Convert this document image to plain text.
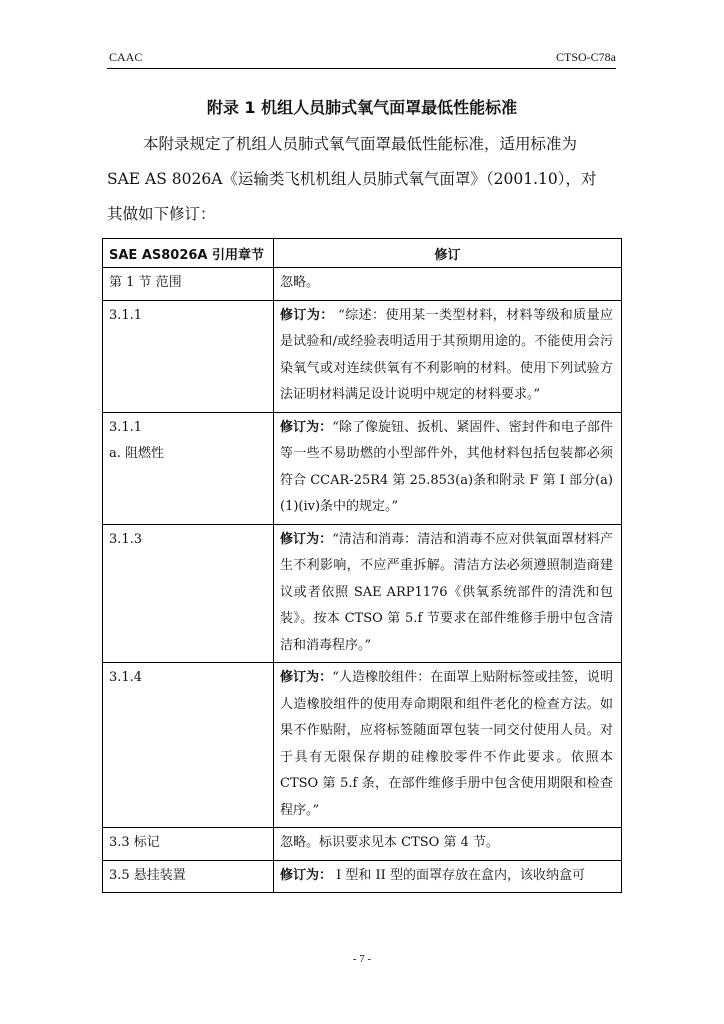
CAAC	CTSO-C78a
附录 1 机组人员肺式氧气面罩最低性能标准

本附录规定了机组人员肺式氧气面罩最低性能标准，适用标准为

SAE AS 8026A《运输类飞机机组人员肺式氧气面罩》（2001.10），对

其做如下修订：

SAE AS8026A 引用章节	修订
第 1 节 范围	忽略。
3.1.1	修订为： “综述：使用某一类型材料，材料等级和质量应是试验和/或经验表明适用于其预期用途的。不能使用会污染氧气或对连续供氧有不利影响的材料。使用下列试验方法证明材料满足设计说明中规定的材料要求。”
3.1.1
a. 阻燃性	修订为：“除了像旋钮、扳机、紧固件、密封件和电子部件等一些不易助燃的小型部件外，其他材料包括包装都必须符合 CCAR-25R4 第 25.853(a)条和附录 F 第 I 部分(a)(1)(iv)条中的规定。”
3.1.3	修订为：“清洁和消毒：清洁和消毒不应对供氧面罩材料产生不利影响，不应严重拆解。清洁方法必须遵照制造商建议或者依照 SAE ARP1176《供氧系统部件的清洗和包装》。按本 CTSO 第 5.f 节要求在部件维修手册中包含清洁和消毒程序。”
3.1.4	修订为：“人造橡胶组件：在面罩上贴附标签或挂签，说明人造橡胶组件的使用寿命期限和组件老化的检查方法。如果不作贴附，应将标签随面罩包装一同交付使用人员。对于具有无限保存期的硅橡胶零件不作此要求。依照本 CTSO 第 5.f 条，在部件维修手册中包含使用期限和检查程序。”
3.3 标记	忽略。标识要求见本 CTSO 第 4 节。
3.5 悬挂装置	修订为： I 型和 II 型的面罩存放在盒内，该收纳盒可
- 7 -
